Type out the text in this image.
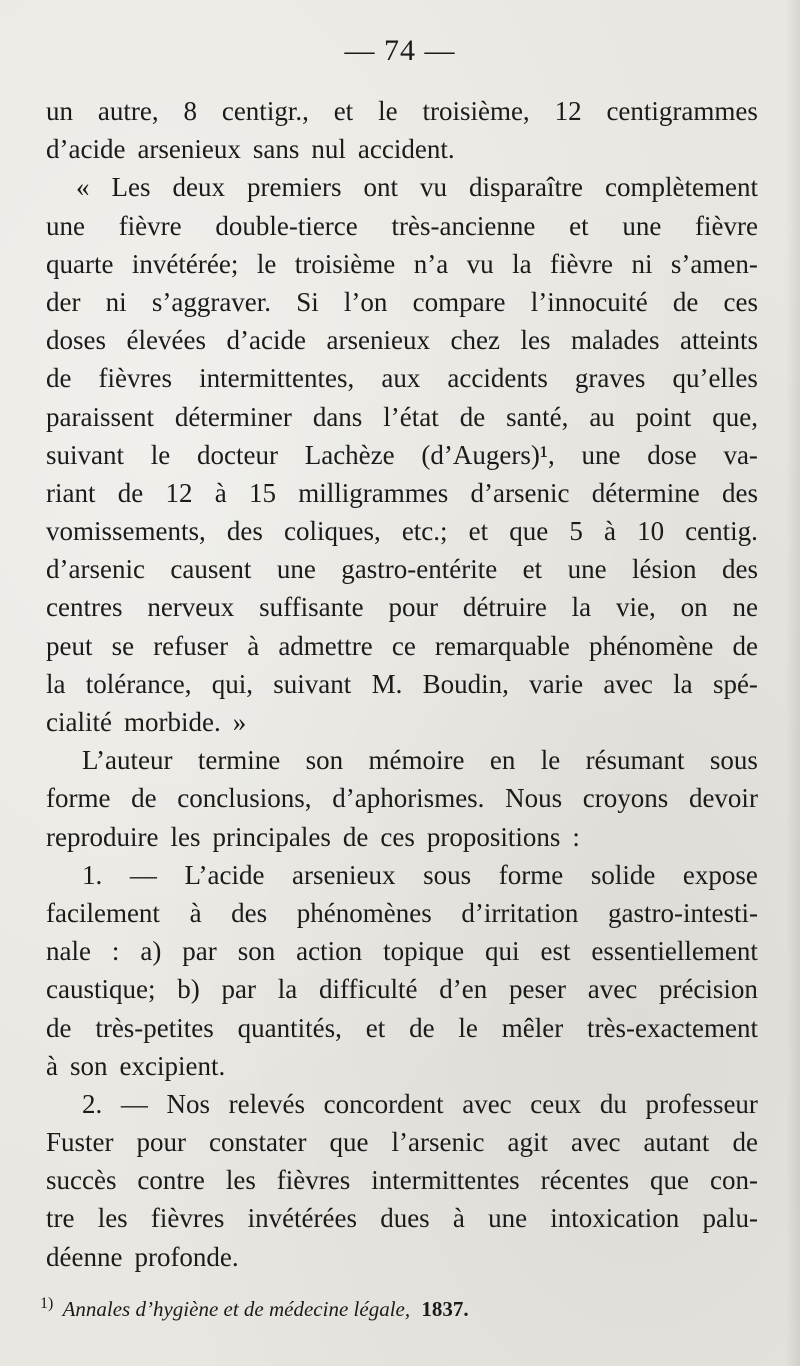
— 74 —
un autre, 8 centigr., et le troisième, 12 centigrammes
d’acide arsenieux sans nul accident.
« Les deux premiers ont vu disparaître complètement
une fièvre double-tierce très-ancienne et une fièvre
quarte invétérée; le troisième n’a vu la fièvre ni s’amen-
der ni s’aggraver. Si l’on compare l’innocuité de ces
doses élevées d’acide arsenieux chez les malades atteints
de fièvres intermittentes, aux accidents graves qu’elles
paraissent déterminer dans l’état de santé, au point que,
suivant le docteur Lachèze (d’Augers)¹, une dose va-
riant de 12 à 15 milligrammes d’arsenic détermine des
vomissements, des coliques, etc.; et que 5 à 10 centig.
d’arsenic causent une gastro-entérite et une lésion des
centres nerveux suffisante pour détruire la vie, on ne
peut se refuser à admettre ce remarquable phénomène de
la tolérance, qui, suivant M. Boudin, varie avec la spé-
cialité morbide. »
L’auteur termine son mémoire en le résumant sous
forme de conclusions, d’aphorismes. Nous croyons devoir
reproduire les principales de ces propositions :
1. — L’acide arsenieux sous forme solide expose
facilement à des phénomènes d’irritation gastro-intesti-
nale : a) par son action topique qui est essentiellement
caustique; b) par la difficulté d’en peser avec précision
de très-petites quantités, et de le mêler très-exactement
à son excipient.
2. — Nos relevés concordent avec ceux du professeur
Fuster pour constater que l’arsenic agit avec autant de
succès contre les fièvres intermittentes récentes que con-
tre les fièvres invétérées dues à une intoxication palu-
déenne profonde.
$^{1)}$ Annales d’hygiène et de médecine légale, 1837.
